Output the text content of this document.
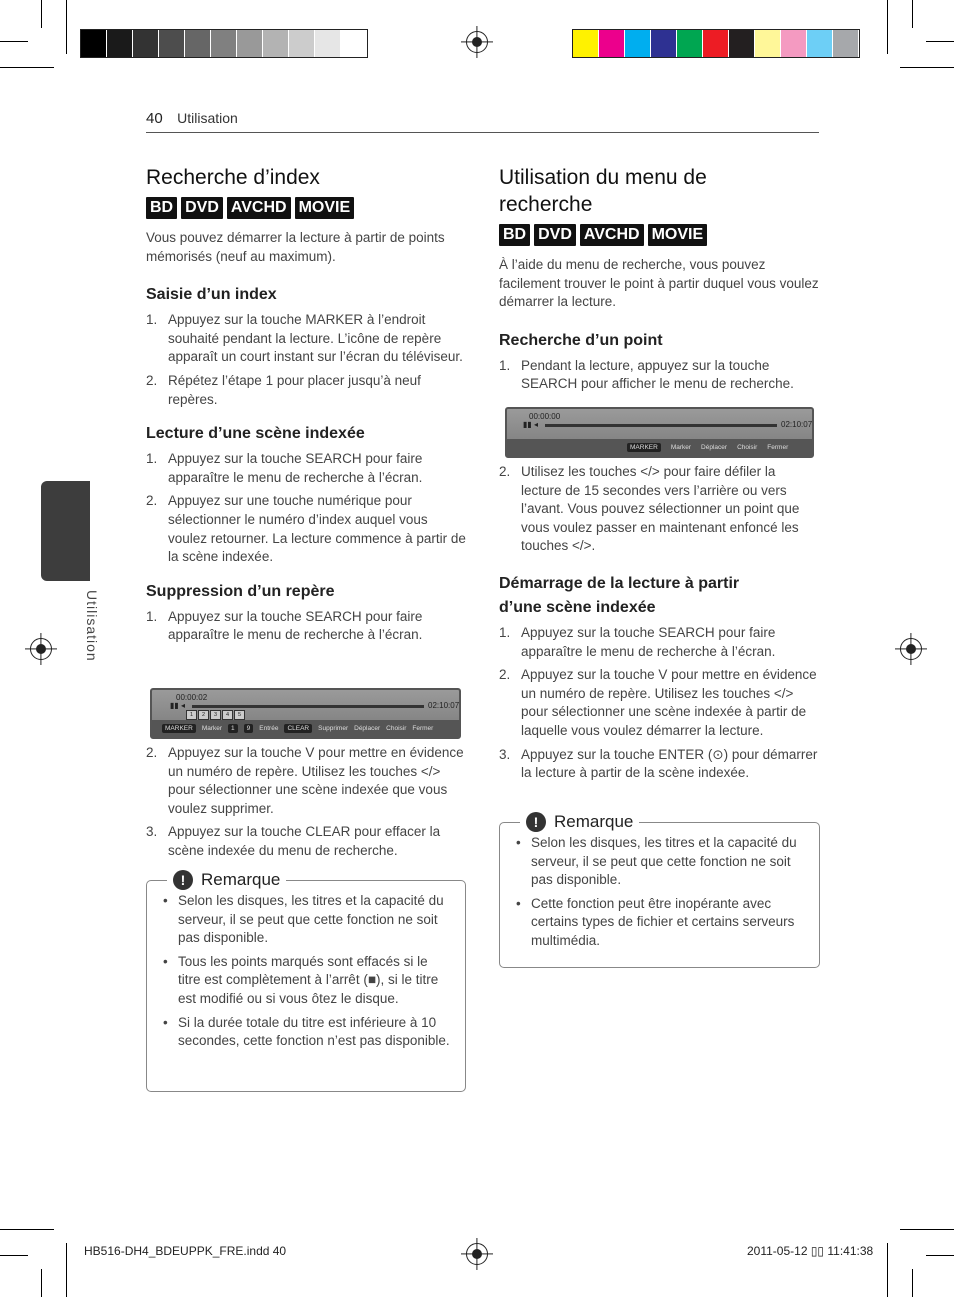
40 Utilisation
4
Utilisation
Recherche d’index
BD DVD AVCHD MOVIE

Vous pouvez démarrer la lecture à partir de points mémorisés (neuf au maximum).

Saisie d’un index
1. Appuyez sur la touche MARKER à l’endroit souhaité pendant la lecture. L’icône de repère apparaît un court instant sur l’écran du téléviseur.
2. Répétez l’étape 1 pour placer jusqu’à neuf repères.
Lecture d’une scène indexée
1. Appuyez sur la touche SEARCH pour faire apparaître le menu de recherche à l’écran.
2. Appuyez sur une touche numérique pour sélectionner le numéro d’index auquel vous voulez retourner. La lecture commence à partir de la scène indexée.
Suppression d’un repère
1. Appuyez sur la touche SEARCH pour faire apparaître le menu de recherche à l’écran.
00:00:02
▮▮ ◂	02:10:07
1	2	3	4	5
MARKER	Marker	1	9	Entrée	CLEAR	Supprimer Déplacer Choisir Fermer
2. Appuyez sur la touche V pour mettre en évidence un numéro de repère. Utilisez les touches </> pour sélectionner une scène indexée que vous voulez supprimer.
3. Appuyez sur la touche CLEAR pour effacer la scène indexée du menu de recherche.
! Remarque
• Selon les disques, les titres et la capacité du serveur, il se peut que cette fonction ne soit pas disponible.
• Tous les points marqués sont effacés si le titre est complètement à l’arrêt (■), si le titre est modifié ou si vous ôtez le disque.
• Si la durée totale du titre est inférieure à 10 secondes, cette fonction n’est pas disponible.
Utilisation du menu de
recherche
BD DVD AVCHD MOVIE

À l’aide du menu de recherche, vous pouvez facilement trouver le point à partir duquel vous voulez démarrer la lecture.

Recherche d’un point
1. Pendant la lecture, appuyez sur la touche SEARCH pour afficher le menu de recherche.
00:00:00
▮▮ ◂	02:10:07
MARKER	Marker Déplacer Choisir Fermer
2. Utilisez les touches </> pour faire défiler la lecture de 15 secondes vers l’arrière ou vers l’avant. Vous pouvez sélectionner un point que vous voulez passer en maintenant enfoncé les touches </>.
Démarrage de la lecture à partir
d’une scène indexée
1. Appuyez sur la touche SEARCH pour faire apparaître le menu de recherche à l’écran.
2. Appuyez sur la touche V pour mettre en évidence un numéro de repère. Utilisez les touches </> pour sélectionner une scène indexée à partir de laquelle vous voulez démarrer la lecture.
3. Appuyez sur la touche ENTER (⊙) pour démarrer la lecture à partir de la scène indexée.
! Remarque
• Selon les disques, les titres et la capacité du serveur, il se peut que cette fonction ne soit pas disponible.
• Cette fonction peut être inopérante avec certains types de fichier et certains serveurs multimédia.
HB516-DH4_BDEUPPK_FRE.indd 40	2011-05-12 ▯▯ 11:41:38
